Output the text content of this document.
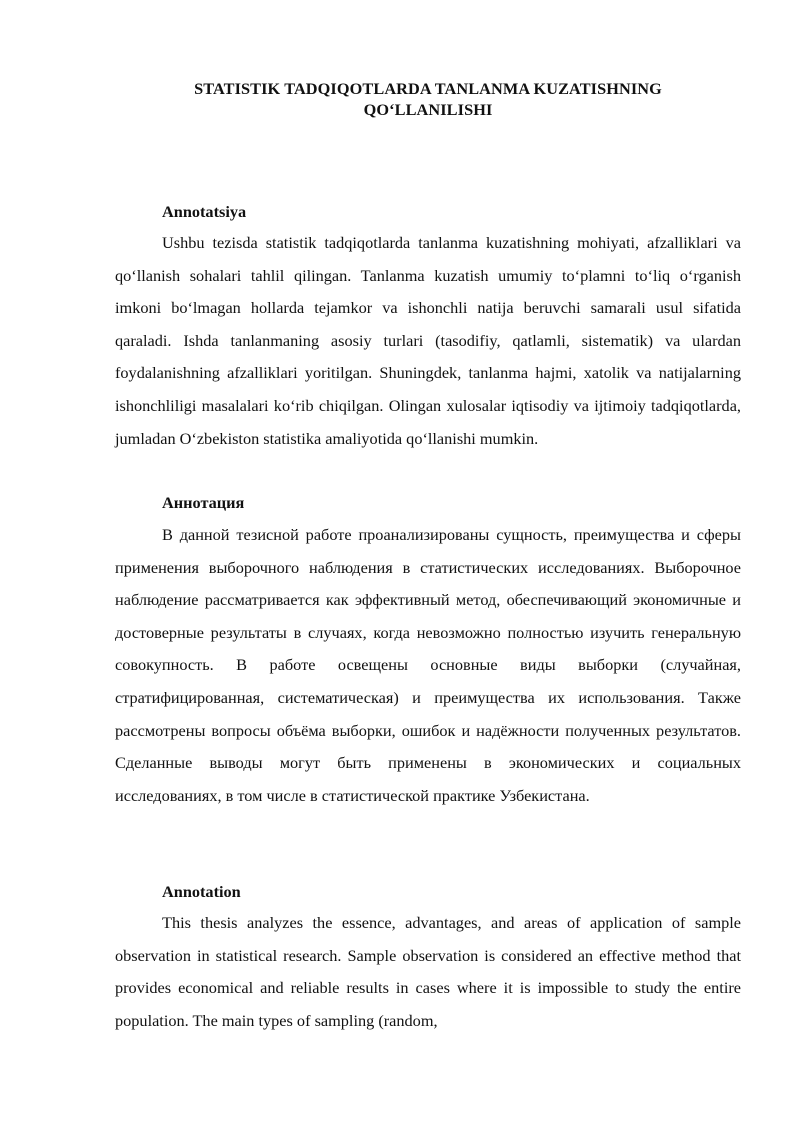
STATISTIK TADQIQOTLARDA TANLANMA KUZATISHNING
QO‘LLANILISHI
Annotatsiya

Ushbu tezisda statistik tadqiqotlarda tanlanma kuzatishning mohiyati, afzalliklari va qo‘llanish sohalari tahlil qilingan. Tanlanma kuzatish umumiy to‘plamni to‘liq o‘rganish imkoni bo‘lmagan hollarda tejamkor va ishonchli natija beruvchi samarali usul sifatida qaraladi. Ishda tanlanmaning asosiy turlari (tasodifiy, qatlamli, sistematik) va ulardan foydalanishning afzalliklari yoritilgan. Shuningdek, tanlanma hajmi, xatolik va natijalarning ishonchliligi masalalari ko‘rib chiqilgan. Olingan xulosalar iqtisodiy va ijtimoiy tadqiqotlarda, jumladan O‘zbekiston statistika amaliyotida qo‘llanishi mumkin.

Аннотация

В данной тезисной работе проанализированы сущность, преимущества и сферы применения выборочного наблюдения в статистических исследованиях. Выборочное наблюдение рассматривается как эффективный метод, обеспечивающий экономичные и достоверные результаты в случаях, когда невозможно полностью изучить генеральную совокупность. В работе освещены основные виды выборки (случайная, стратифицированная, систематическая) и преимущества их использования. Также рассмотрены вопросы объёма выборки, ошибок и надёжности полученных результатов. Сделанные выводы могут быть применены в экономических и социальных исследованиях, в том числе в статистической практике Узбекистана.

Annotation

This thesis analyzes the essence, advantages, and areas of application of sample observation in statistical research. Sample observation is considered an effective method that provides economical and reliable results in cases where it is impossible to study the entire population. The main types of sampling (random,
